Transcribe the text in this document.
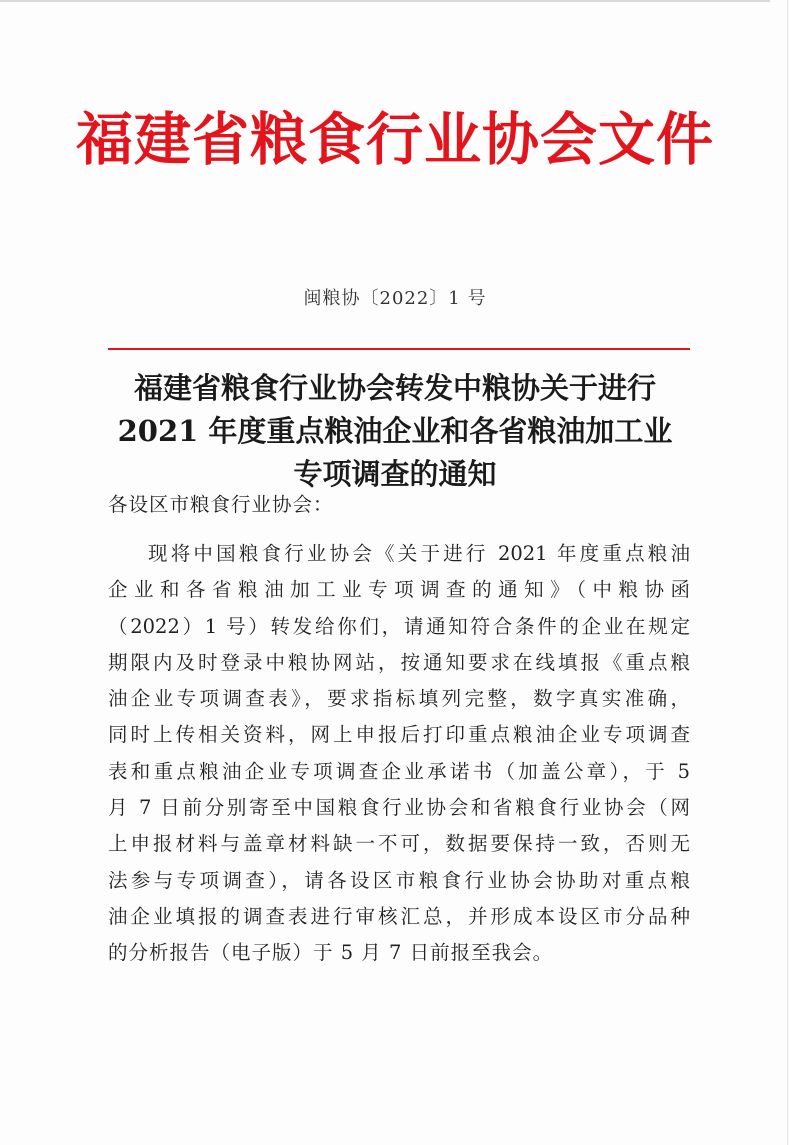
福建省粮食行业协会文件
闽粮协〔2022〕1 号
福建省粮食行业协会转发中粮协关于进行
2021 年度重点粮油企业和各省粮油加工业
专项调查的通知
各设区市粮食行业协会：
现将中国粮食行业协会《关于进行 2021 年度重点粮油
企业和各省粮油加工业专项调查的通知》（中粮协函
（2022）1 号）转发给你们，请通知符合条件的企业在规定
期限内及时登录中粮协网站，按通知要求在线填报《重点粮
油企业专项调查表》，要求指标填列完整，数字真实准确，
同时上传相关资料，网上申报后打印重点粮油企业专项调查
表和重点粮油企业专项调查企业承诺书（加盖公章），于 5
月 7 日前分别寄至中国粮食行业协会和省粮食行业协会（网
上申报材料与盖章材料缺一不可，数据要保持一致，否则无
法参与专项调查），请各设区市粮食行业协会协助对重点粮
油企业填报的调查表进行审核汇总，并形成本设区市分品种
的分析报告（电子版）于 5 月 7 日前报至我会。
